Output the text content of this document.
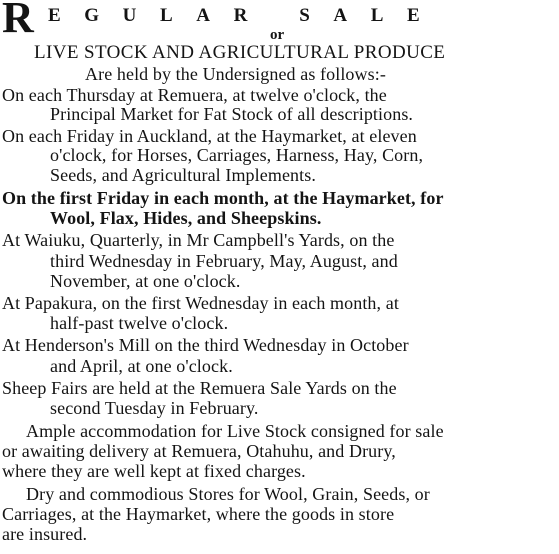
R EGULAR SALE
or
LIVE STOCK AND AGRICULTURAL PRODUCE
Are held by the Undersigned as follows:-
On each Thursday at Remuera, at twelve o'clock, the
Principal Market for Fat Stock of all descriptions.
On each Friday in Auckland, at the Haymarket, at eleven
o'clock, for Horses, Carriages, Harness, Hay, Corn,
Seeds, and Agricultural Implements.
On the first Friday in each month, at the Haymarket, for
Wool, Flax, Hides, and Sheepskins.
At Waiuku, Quarterly, in Mr Campbell's Yards, on the
third Wednesday in February, May, August, and
November, at one o'clock.
At Papakura, on the first Wednesday in each month, at
half-past twelve o'clock.
At Henderson's Mill on the third Wednesday in October
and April, at one o'clock.
Sheep Fairs are held at the Remuera Sale Yards on the
second Tuesday in February.
Ample accommodation for Live Stock consigned for sale
or awaiting delivery at Remuera, Otahuhu, and Drury,
where they are well kept at fixed charges.
Dry and commodious Stores for Wool, Grain, Seeds, or
Carriages, at the Haymarket, where the goods in store
are insured.
